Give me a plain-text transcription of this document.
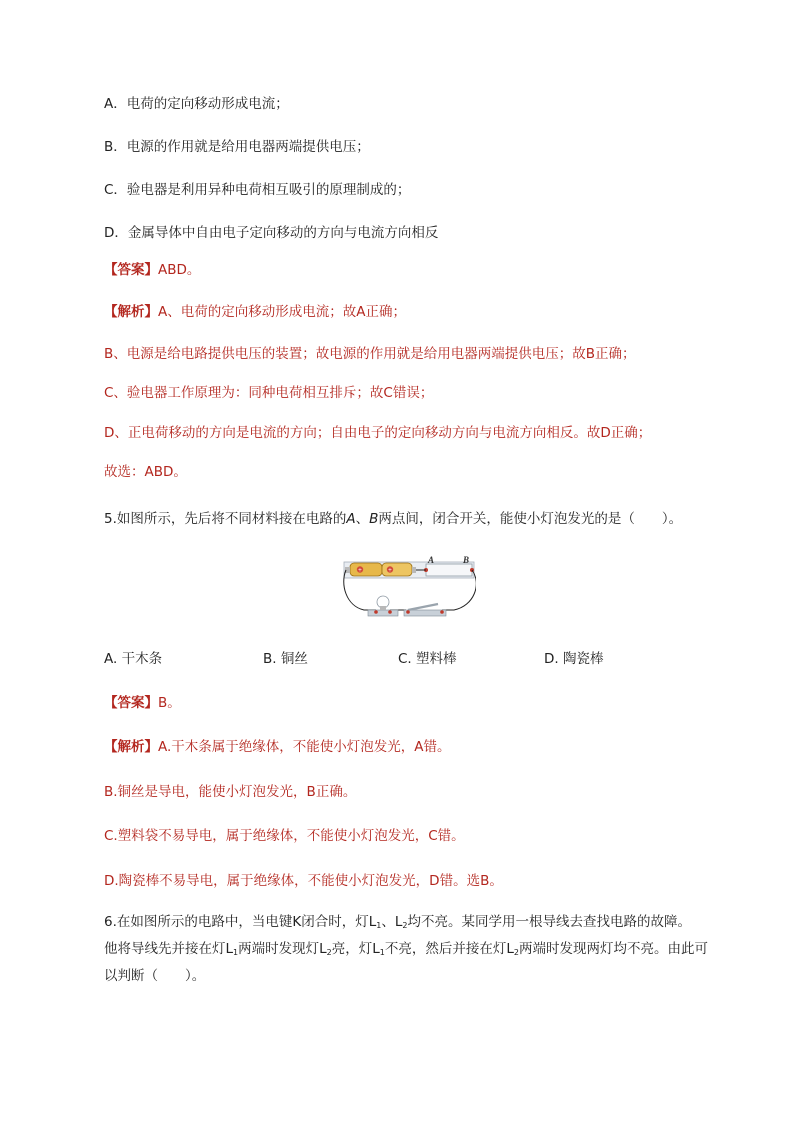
A．电荷的定向移动形成电流；
B．电源的作用就是给用电器两端提供电压；
C．验电器是利用异种电荷相互吸引的原理制成的；
D．金属导体中自由电子定向移动的方向与电流方向相反
【答案】ABD。
【解析】A、电荷的定向移动形成电流；故A正确；
B、电源是给电路提供电压的装置；故电源的作用就是给用电器两端提供电压；故B正确；
C、验电器工作原理为：同种电荷相互排斥；故C错误；
D、正电荷移动的方向是电流的方向；自由电子的定向移动方向与电流方向相反。故D正确；
故选：ABD。
5.如图所示，先后将不同材料接在电路的A、B两点间，闭合开关，能使小灯泡发光的是（　　）。
+	+
A	B
A. 干木条	B. 铜丝	C. 塑料棒	D. 陶瓷棒
【答案】B。
【解析】A.干木条属于绝缘体，不能使小灯泡发光，A错。
B.铜丝是导电，能使小灯泡发光，B正确。
C.塑料袋不易导电，属于绝缘体，不能使小灯泡发光，C错。
D.陶瓷棒不易导电，属于绝缘体，不能使小灯泡发光，D错。选B。
6.在如图所示的电路中，当电键K闭合时，灯$L_1$、$L_2$均不亮。某同学用一根导线去查找电路的故障。
他将导线先并接在灯$L_1$两端时发现灯$L_2$亮，灯$L_1$不亮，然后并接在灯$L_2$两端时发现两灯均不亮。由此可
以判断（　　）。
